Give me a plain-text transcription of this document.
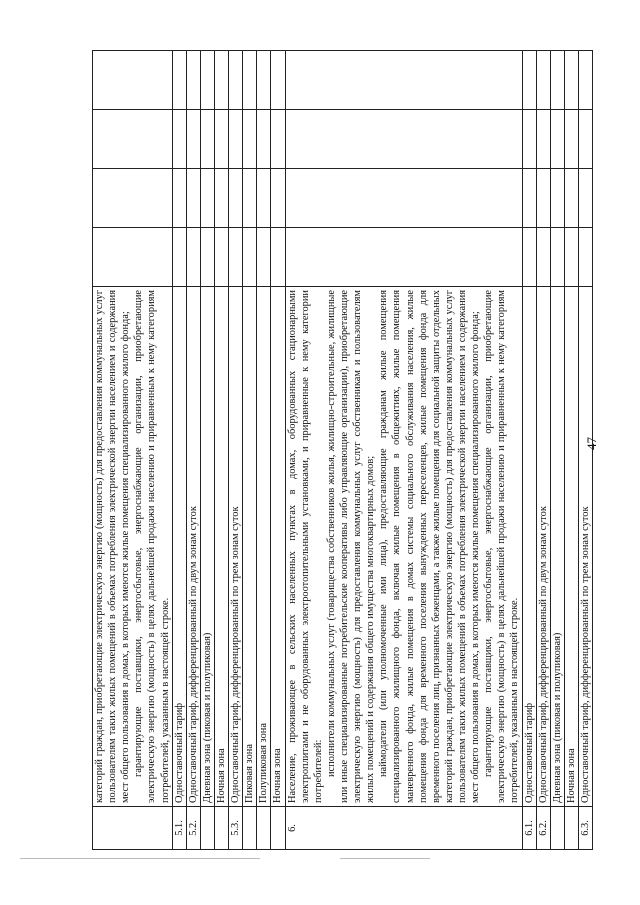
47

	категорий граждан, приобретающие электрическую энергию (мощность) для предоставления коммунальных услуг пользователям таких жилых помещений в объемах потребления электрической энергии населением и содержания мест общего пользования в домах, в которых имеются жилые помещения специализированного жилого фонда; гарантирующие поставщики, энергосбытовые, энергоснабжающие организации, приобретающие электрическую энергию (мощность) в целях дальнейшей продажи населению и приравненным к нему категориям потребителей, указанным в настоящей строке.				

5.1.	Одноставочный тариф				

5.2.	Одноставочный тариф, дифференцированный по двум зонам суток				

	Дневная зона (пиковая и полупиковая)				

	Ночная зона				

5.3.	Одноставочный тариф, дифференцированный по трем зонам суток				

	Пиковая зона				

	Полупиковая зона				

	Ночная зона				

6.	Население, проживающее в сельских населенных пунктах в домах, оборудованных стационарными электроплитами и не оборудованных электроотопительными установками, и приравненные к нему категории потребителей: исполнители коммунальных услуг (товарищества собственников жилья, жилищно-строительные, жилищные или иные специализированные потребительские кооперативы либо управляющие организации), приобретающие электрическую энергию (мощность) для предоставления коммунальных услуг собственникам и пользователям жилых помещений и содержания общего имущества многоквартирных домов; наймодатели (или уполномоченные ими лица), предоставляющие гражданам жилые помещения специализированного жилищного фонда, включая жилые помещения в общежитиях, жилые помещения маневренного фонда, жилые помещения в домах системы социального обслуживания населения, жилые помещения фонда для временного поселения вынужденных переселенцев, жилые помещения фонда для временного поселения лиц, признанных беженцами, а также жилые помещения для социальной защиты отдельных категорий граждан, приобретающие электрическую энергию (мощность) для предоставления коммунальных услуг пользователям таких жилых помещений в объемах потребления электрической энергии населением и содержания мест общего пользования в домах, в которых имеются жилые помещения специализированного жилого фонда; гарантирующие поставщики, энергосбытовые, энергоснабжающие организации, приобретающие электрическую энергию (мощность) в целях дальнейшей продажи населению и приравненным к нему категориям потребителей, указанным в настоящей строке.				

6.1.	Одноставочный тариф				

6.2.	Одноставочный тариф, дифференцированный по двум зонам суток				

	Дневная зона (пиковая и полупиковая)				

	Ночная зона				

6.3.	Одноставочный тариф, дифференцированный по трем зонам суток				
